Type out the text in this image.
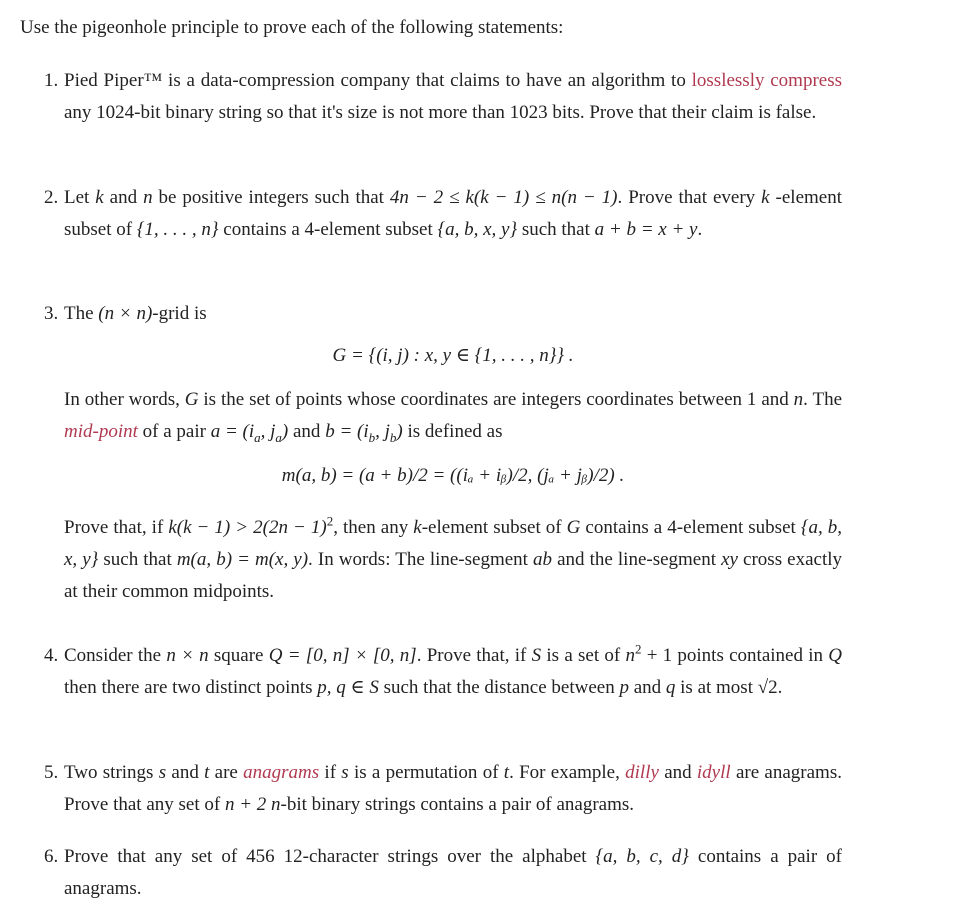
Use the pigeonhole principle to prove each of the following statements:
1. Pied Piper™ is a data-compression company that claims to have an algorithm to losslessly compress any 1024-bit binary string so that it's size is not more than 1023 bits. Prove that their claim is false.

2. Let k and n be positive integers such that 4n − 2 ≤ k(k − 1) ≤ n(n − 1). Prove that every k -element subset of {1, . . . , n} contains a 4-element subset {a, b, x, y} such that a + b = x + y.

3. The (n × n)-grid is

G = {(i, j) : x, y ∈ {1, . . . , n}} .

In other words, G is the set of points whose coordinates are integers coordinates between 1 and n. The mid-point of a pair $a = (i_a$, $j_a$) and $b = (i_b$, $j_b$) is defined as

m(a, b) = (a + b)/2 = ((iₐ + iᵦ)/2, (jₐ + jᵦ)/2) .

Prove that, if $k(k - 1) > 2(2n - 1)^2$, then any k-element subset of G contains a 4-element subset {a, b, x, y} such that m(a, b) = m(x, y). In words: The line-segment ab and the line-segment xy cross exactly at their common midpoints.

4. Consider the n × n square Q = [0, n] × [0, n]. Prove that, if S is a set of $n^2 + 1$ points contained in Q then there are two distinct points p, q ∈ S such that the distance between p and q is at most √2.

5. Two strings s and t are anagrams if s is a permutation of t. For example, dilly and idyll are anagrams. Prove that any set of n + 2 n-bit binary strings contains a pair of anagrams.

6. Prove that any set of 456 12-character strings over the alphabet {a, b, c, d} contains a pair of anagrams.
